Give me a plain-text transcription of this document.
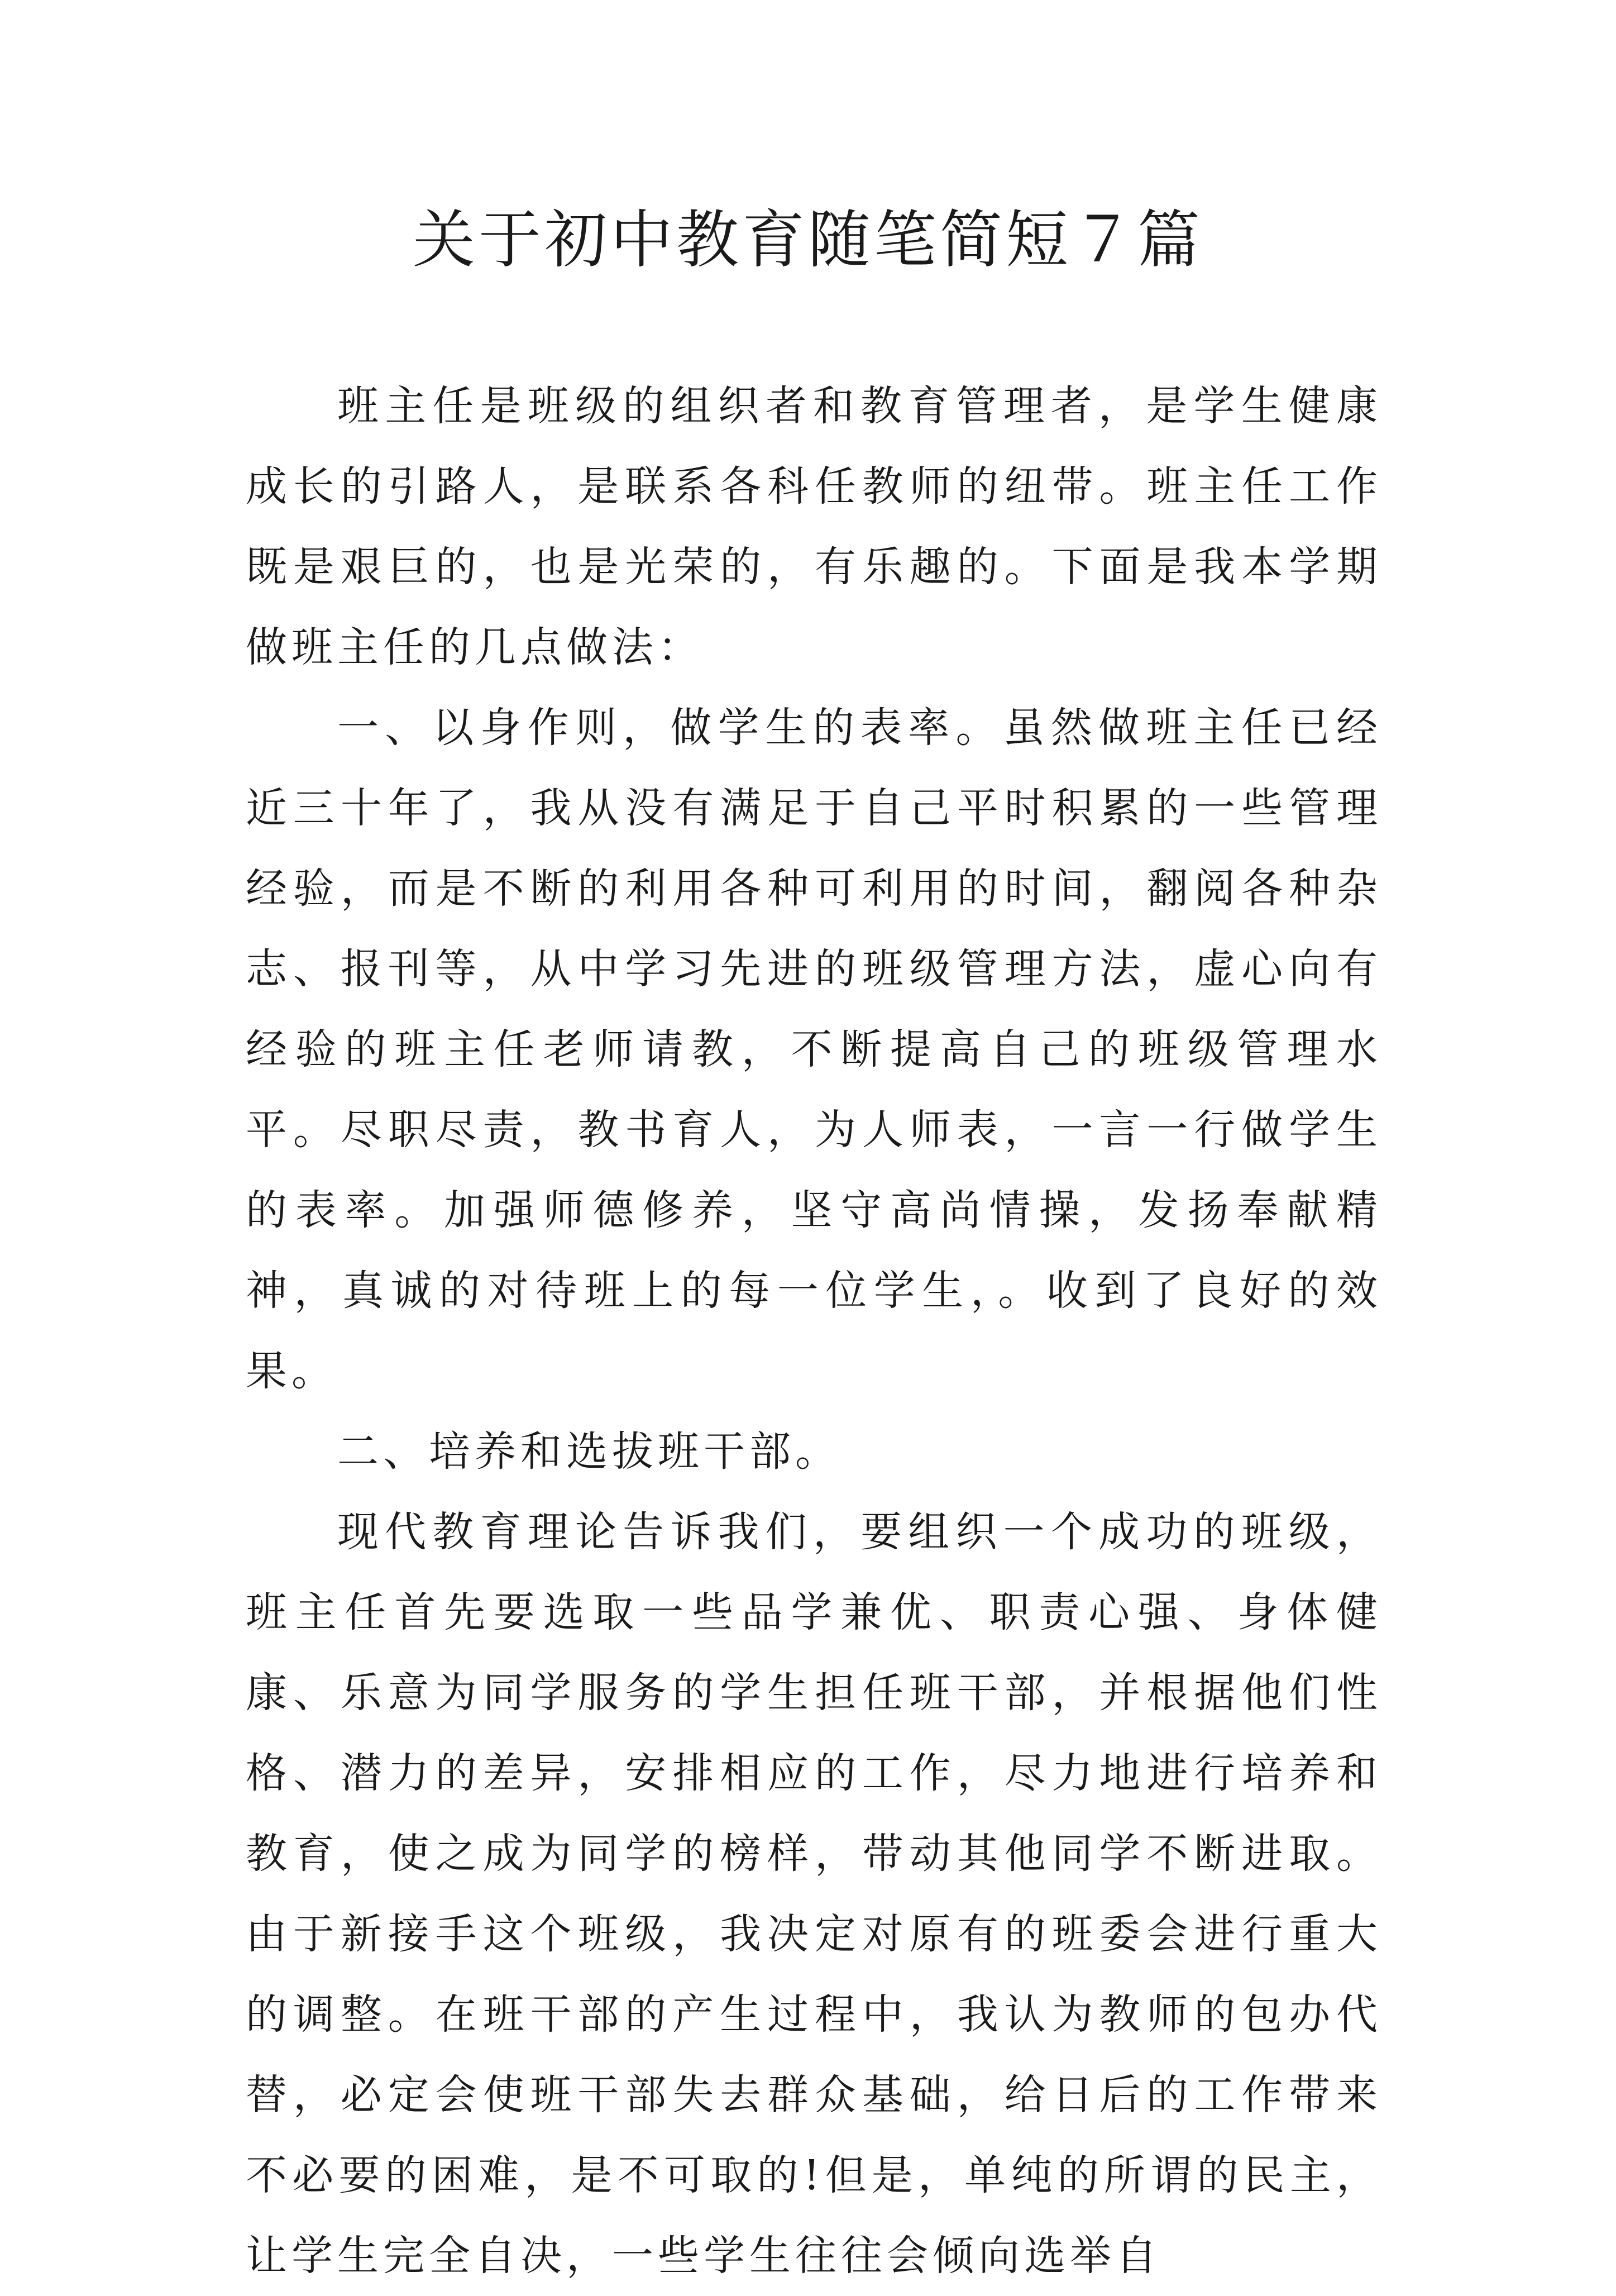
关于初中教育随笔简短７篇

班主任是班级的组织者和教育管理者，是学生健康成长的引路人，是联系各科任教师的纽带。班主任工作既是艰巨的，也是光荣的，有乐趣的。下面是我本学期做班主任的几点做法：

一、以身作则，做学生的表率。虽然做班主任已经近三十年了，我从没有满足于自己平时积累的一些管理经验，而是不断的利用各种可利用的时间，翻阅各种杂志、报刊等，从中学习先进的班级管理方法，虚心向有经验的班主任老师请教，不断提高自己的班级管理水平。尽职尽责，教书育人，为人师表，一言一行做学生的表率。加强师德修养，坚守高尚情操，发扬奉献精神，真诚的对待班上的每一位学生，。收到了良好的效果。

二、培养和选拔班干部。

现代教育理论告诉我们，要组织一个成功的班级，班主任首先要选取一些品学兼优、职责心强、身体健康、乐意为同学服务的学生担任班干部，并根据他们性格、潜力的差异，安排相应的工作，尽力地进行培养和教育，使之成为同学的榜样，带动其他同学不断进取。由于新接手这个班级，我决定对原有的班委会进行重大的调整。在班干部的产生过程中，我认为教师的包办代替，必定会使班干部失去群众基础，给日后的工作带来不必要的困难，是不可取的!但是，单纯的所谓的民主，让学生完全自决，一些学生往往会倾向选举自
